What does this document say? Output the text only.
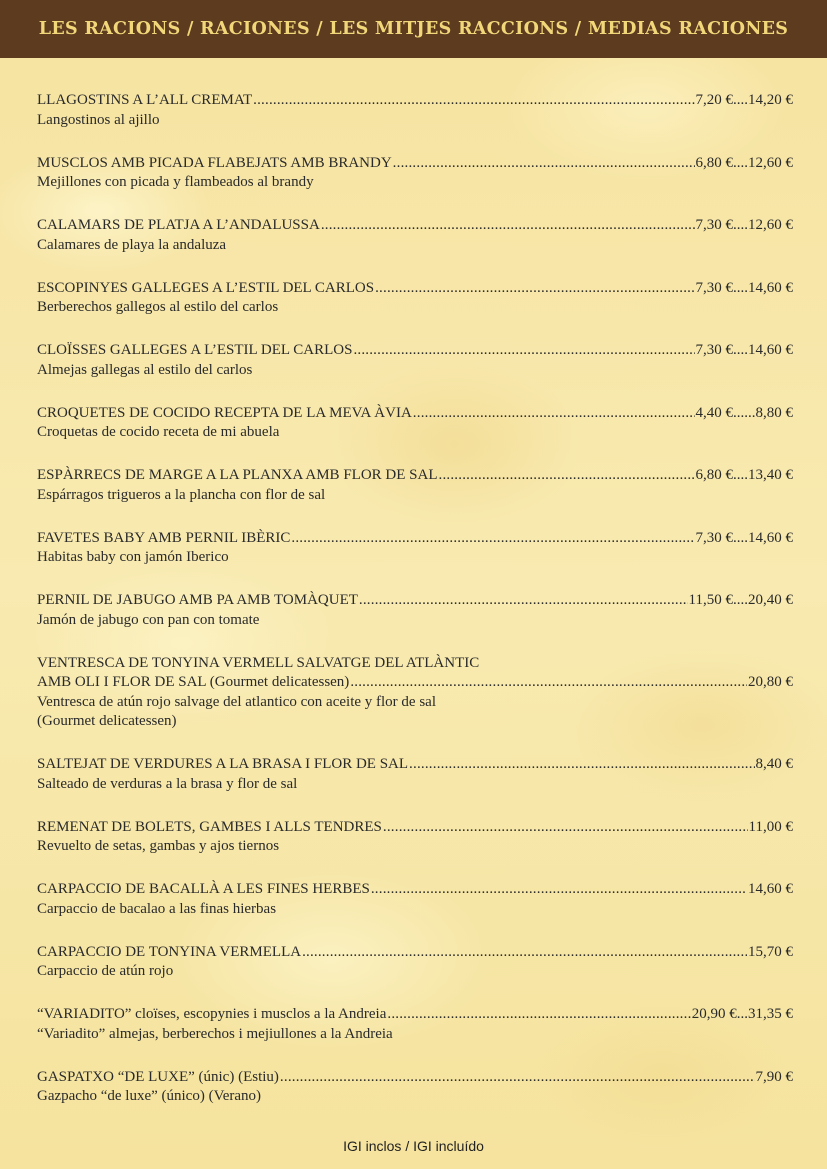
LES RACIONS / RACIONES / LES MITJES RACCIONS / MEDIAS RACIONES
LLAGOSTINS A L’ALL CREMAT .....	7,20 €....14,20 €
Langostinos al ajillo
MUSCLOS AMB PICADA FLABEJATS AMB BRANDY .....	6,80 €....12,60 €
Mejillones con picada y flambeados al brandy
CALAMARS DE PLATJA A L’ANDALUSSA .....	7,30 €....12,60 €
Calamares de playa la andaluza
ESCOPINYES GALLEGES A L’ESTIL DEL CARLOS .....	7,30 €....14,60 €
Berberechos gallegos al estilo del carlos
CLOÏSSES GALLEGES A L’ESTIL DEL CARLOS .....	7,30 €....14,60 €
Almejas gallegas al estilo del carlos
CROQUETES DE COCIDO RECEPTA DE LA MEVA ÀVIA .....	4,40 €......8,80 €
Croquetas de cocido receta de mi abuela
ESPÀRRECS DE MARGE A LA PLANXA AMB FLOR DE SAL .....	6,80 €....13,40 €
Espárragos trigueros a la plancha con flor de sal
FAVETES BABY AMB PERNIL IBÈRIC .....	7,30 €....14,60 €
Habitas baby con jamón Iberico
PERNIL DE JABUGO AMB PA AMB TOMÀQUET .....	11,50 €....20,40 €
Jamón de jabugo con pan con tomate
VENTRESCA DE TONYINA VERMELL SALVATGE DEL ATLÀNTIC
AMB OLI I FLOR DE SAL (Gourmet delicatessen) .....	20,80 €
Ventresca de atún rojo salvage del atlantico con aceite y flor de sal
(Gourmet delicatessen)
SALTEJAT DE VERDURES A LA BRASA I FLOR DE SAL .....	8,40 €
Salteado de verduras a la brasa y flor de sal
REMENAT DE BOLETS, GAMBES I ALLS TENDRES .....	11,00 €
Revuelto de setas, gambas y ajos tiernos
CARPACCIO DE BACALLÀ A LES FINES HERBES .....	14,60 €
Carpaccio de bacalao a las finas hierbas
CARPACCIO DE TONYINA VERMELLA .....	15,70 €
Carpaccio de atún rojo
“VARIADITO” cloïses, escopynies i musclos a la Andreia .....	20,90 €...31,35 €
“Variadito” almejas, berberechos i mejiullones a la Andreia
GASPATXO “DE LUXE” (únic) (Estiu) .....	7,90 €
Gazpacho “de luxe” (único) (Verano)
IGI inclos / IGI incluído
